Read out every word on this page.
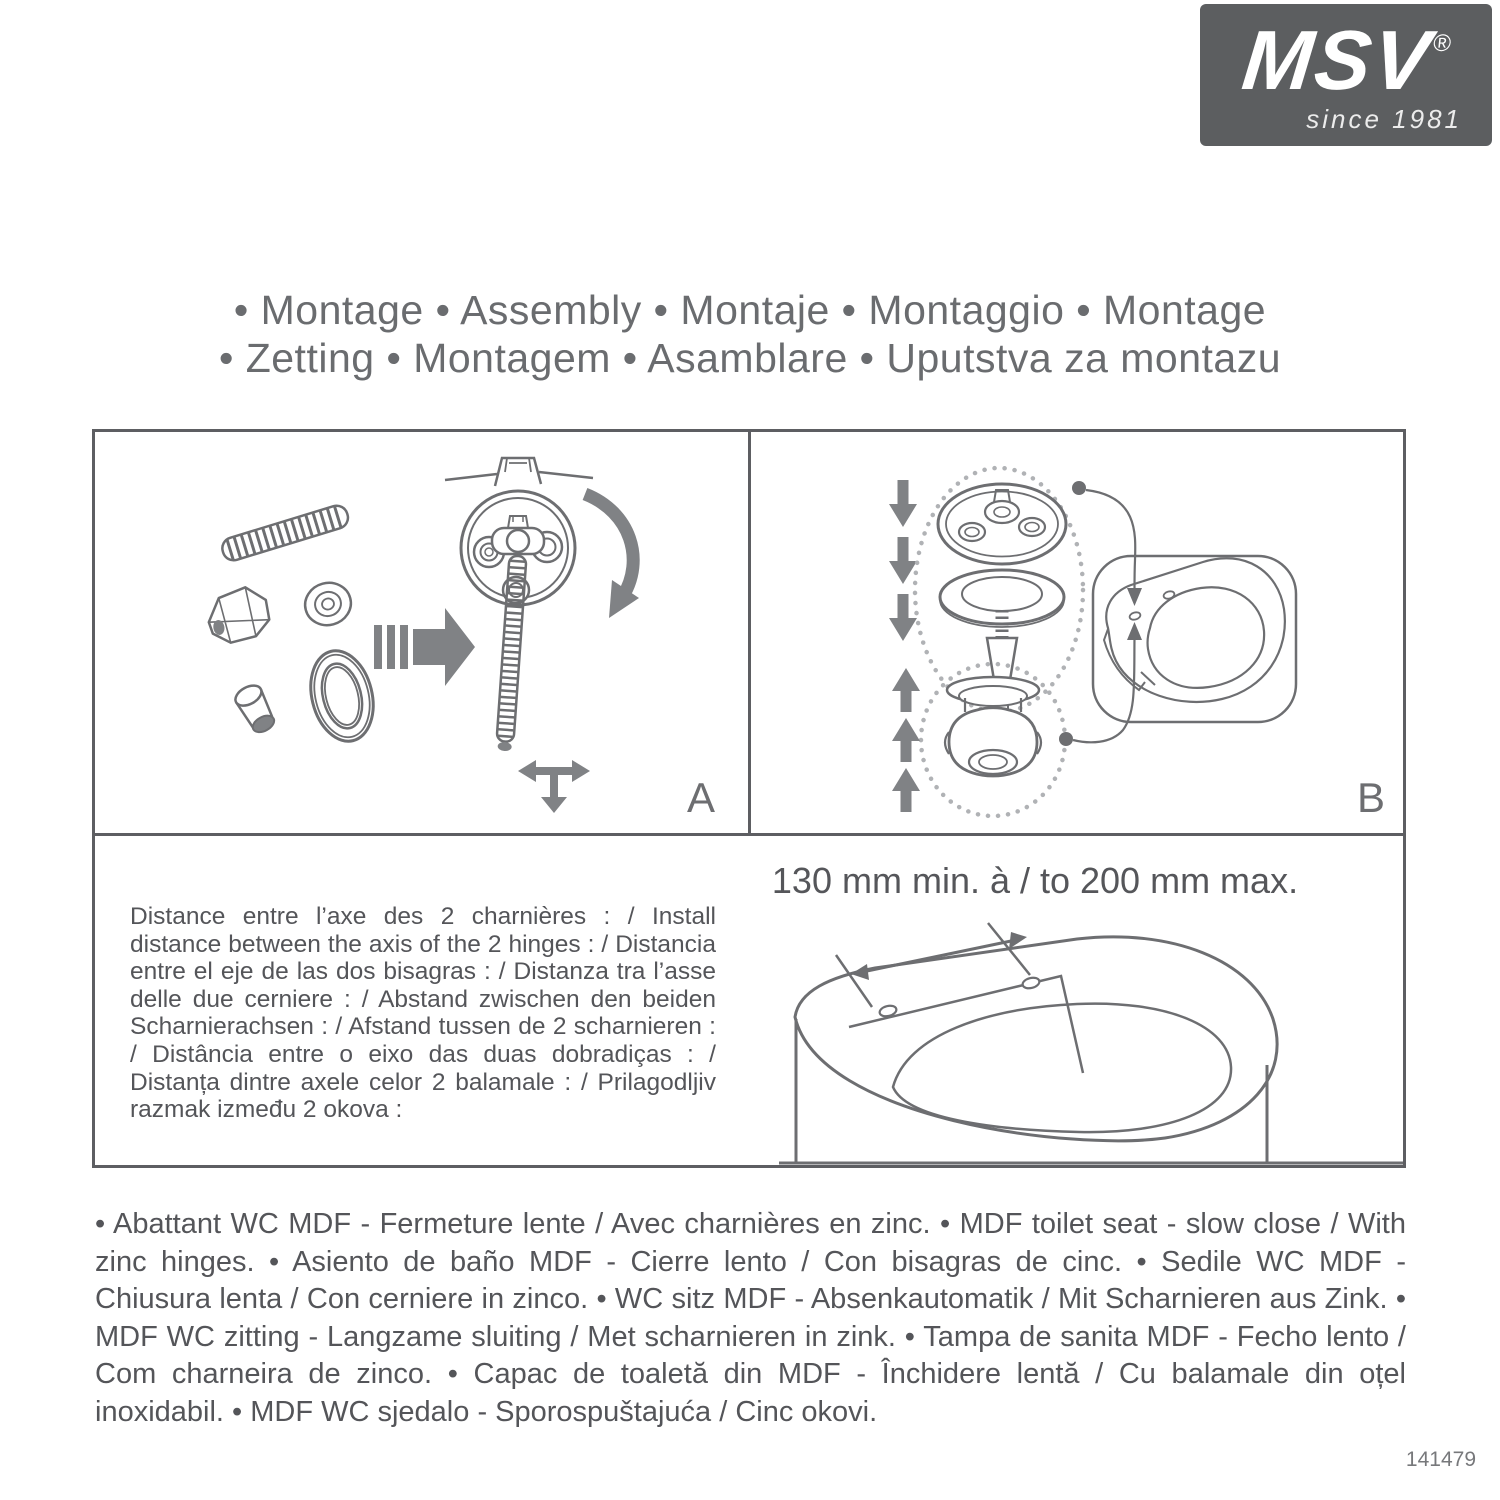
MSV®
since 1981
• Montage • Assembly • Montaje • Montaggio • Montage
• Zetting • Montagem • Asamblare • Uputstva za montazu
A	B
Distance entre l’axe des 2 charnières : / Install distance between the axis of the 2 hinges : / Distancia entre el eje de las dos bisagras : / Distanza tra l’asse delle due cerniere : / Abstand zwischen den beiden Scharnierachsen : / Afstand tussen de 2 scharnieren : / Distância entre o eixo das duas dobradiças : / Distanța dintre axele celor 2 balamale : / Prilagodljiv razmak između 2 okova :
130 mm min. à / to 200 mm max.
• Abattant WC MDF - Fermeture lente / Avec charnières en zinc. • MDF toilet seat - slow close / With zinc hinges. • Asiento de baño MDF - Cierre lento / Con bisagras de cinc. • Sedile WC MDF - Chiusura lenta / Con cerniere in zinco. • WC sitz MDF - Absenkautomatik / Mit Scharnieren aus Zink. • MDF WC zitting - Langzame sluiting / Met scharnieren in zink. • Tampa de sanita MDF - Fecho lento / Com charneira de zinco. • Capac de toaletă din MDF - Închidere lentă / Cu balamale din oțel inoxidabil. • MDF WC sjedalo - Sporospuštajuća / Cinc okovi.
141479
